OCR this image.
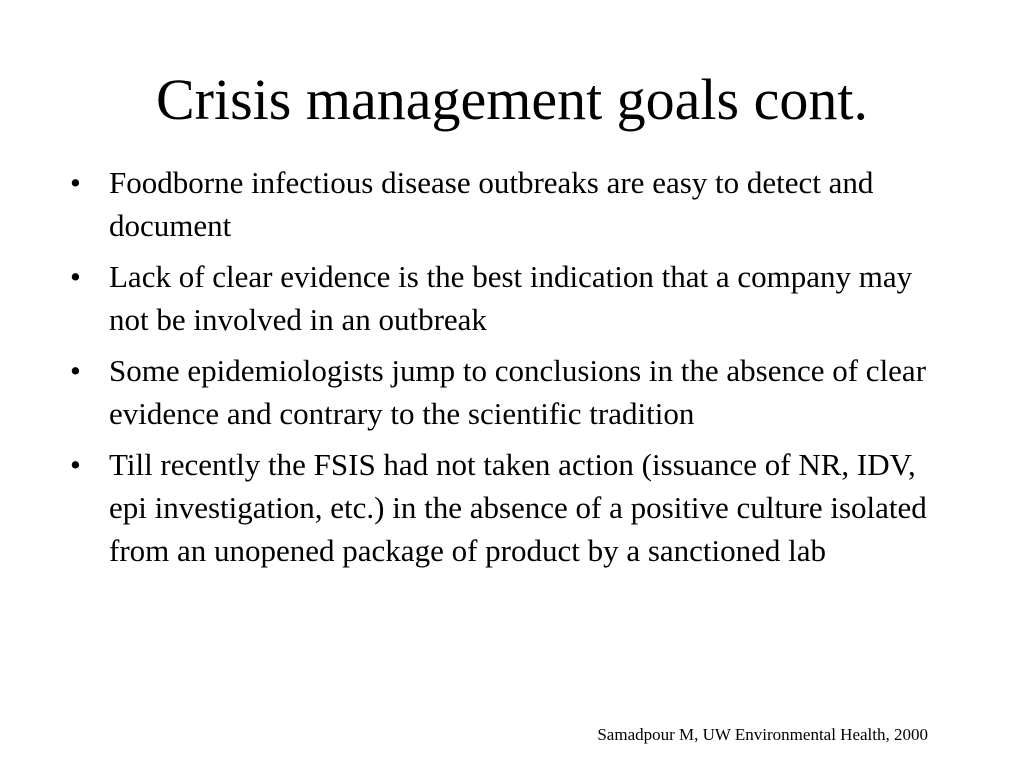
Crisis management goals cont.
• Foodborne infectious disease outbreaks are easy to detect and document
• Lack of clear evidence is the best indication that a company may not be involved in an outbreak
• Some epidemiologists jump to conclusions in the absence of clear evidence and contrary to the scientific tradition
• Till recently the FSIS had not taken action (issuance of NR, IDV, epi investigation, etc.) in the absence of a positive culture isolated from an unopened package of product by a sanctioned lab
Samadpour M, UW Environmental Health, 2000
